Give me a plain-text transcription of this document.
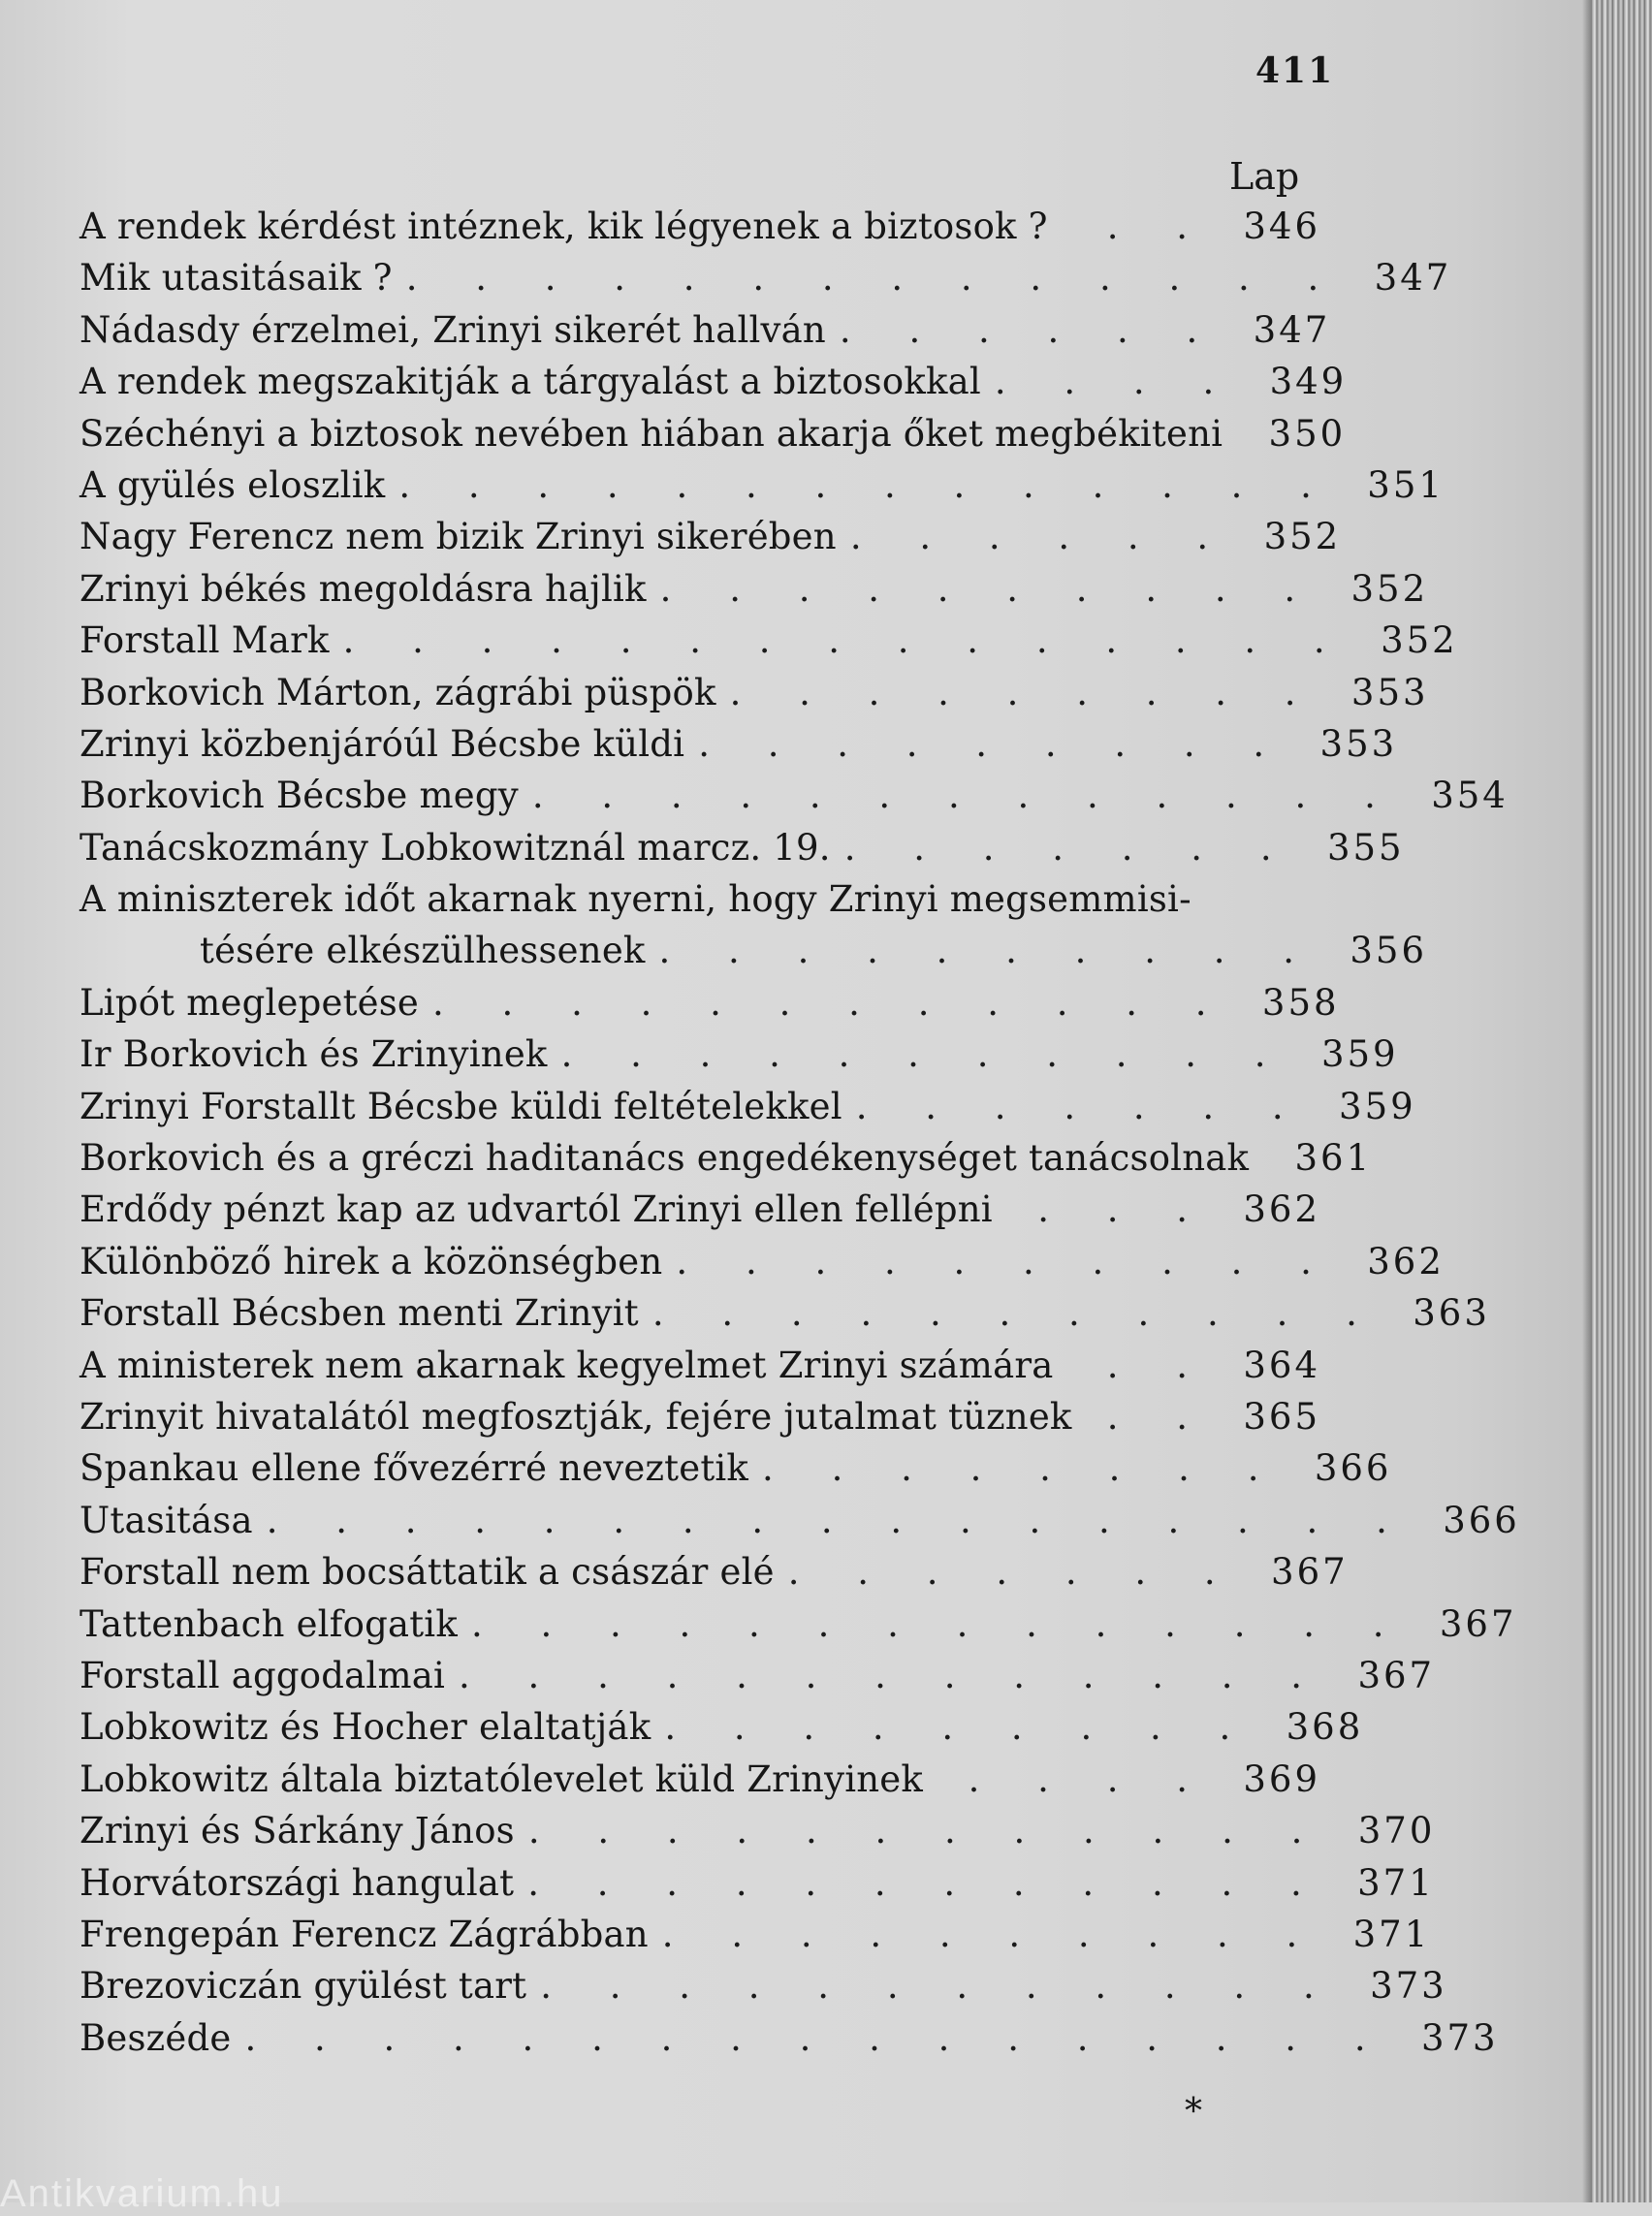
411
Lap
A rendek kérdést intéznek, kik légyenek a biztosok ?	. . 346
Mik utasitásaik ? . . . . . . . . . . . . . . 347
Nádasdy érzelmei, Zrinyi sikerét hallván . . . . . . 347
A rendek megszakitják a tárgyalást a biztosokkal . . . . 349
Széchényi a biztosok nevében hiában akarja őket megbékiteni	350
A gyülés eloszlik . . . . . . . . . . . . . . 351
Nagy Ferencz nem bizik Zrinyi sikerében . . . . . . 352
Zrinyi békés megoldásra hajlik . . . . . . . . . . 352
Forstall Mark . . . . . . . . . . . . . . . 352
Borkovich Márton, zágrábi püspök . . . . . . . . . 353
Zrinyi közbenjáróúl Bécsbe küldi . . . . . . . . . 353
Borkovich Bécsbe megy . . . . . . . . . . . . . 354
Tanácskozmány Lobkowitznál marcz. 19. . . . . . . . 355
A miniszterek időt akarnak nyerni, hogy Zrinyi megsemmisi-
tésére elkészülhessenek . . . . . . . . . . 356
Lipót meglepetése . . . . . . . . . . . . 358
Ir Borkovich és Zrinyinek . . . . . . . . . . . 359
Zrinyi Forstallt Bécsbe küldi feltételekkel . . . . . . . 359
Borkovich és a gréczi haditanács engedékenységet tanácsolnak	361
Erdődy pénzt kap az udvartól Zrinyi ellen fellépni	. . . 362
Különböző hirek a közönségben . . . . . . . . . . 362
Forstall Bécsben menti Zrinyit . . . . . . . . . . . 363
A ministerek nem akarnak kegyelmet Zrinyi számára	. . 364
Zrinyit hivatalától megfosztják, fejére jutalmat tüznek . . 365
Spankau ellene fővezérré neveztetik . . . . . . . . 366
Utasitása . . . . . . . . . . . . . . . . . 366
Forstall nem bocsáttatik a császár elé . . . . . . . 367
Tattenbach elfogatik . . . . . . . . . . . . . . 367
Forstall aggodalmai . . . . . . . . . . . . . 367
Lobkowitz és Hocher elaltatják . . . . . . . . . 368
Lobkowitz általa biztatólevelet küld Zrinyinek	. . . . 369
Zrinyi és Sárkány János . . . . . . . . . . . . 370
Horvátországi hangulat . . . . . . . . . . . . 371
Frengepán Ferencz Zágrábban . . . . . . . . . . 371
Brezoviczán gyülést tart . . . . . . . . . . . . 373
Beszéde . . . . . . . . . . . . . . . . . 373
*
Antikvarium.hu
